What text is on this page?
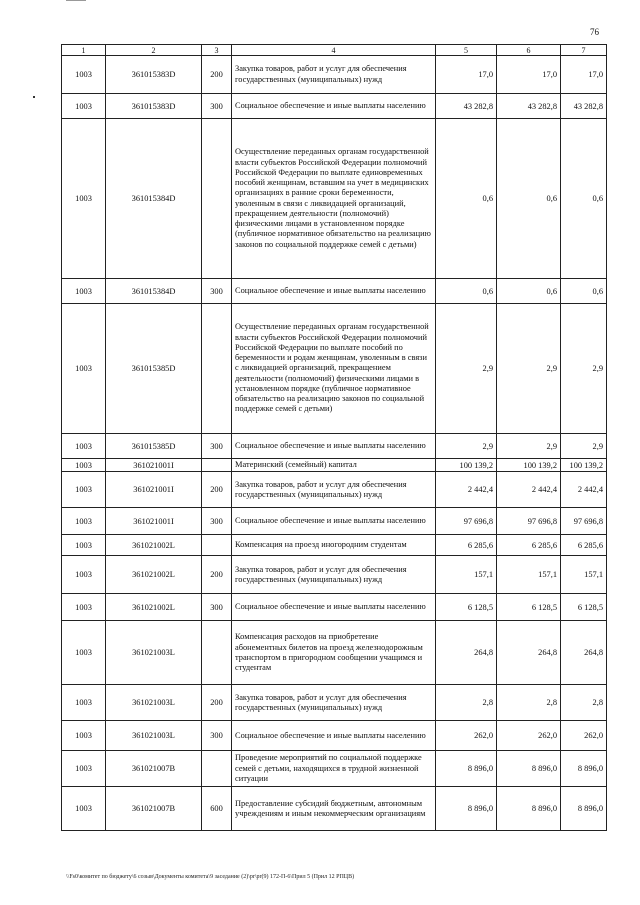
76
1	2	3	4	5	6	7
1003	361015383D	200	Закупка товаров, работ и услуг для обеспечения государственных (муниципальных) нужд	17,0	17,0	17,0
1003	361015383D	300	Социальное обеспечение и иные выплаты населению	43 282,8	43 282,8	43 282,8
1003	361015384D		Осуществление переданных органам государственной власти субъектов Российской Федерации полномочий Российской Федерации по выплате единовременных пособий женщинам, вставшим на учет в медицинских организациях в ранние сроки беременности, уволенным в связи с ликвидацией организаций, прекращением деятельности (полномочий) физическими лицами в установленном порядке (публичное нормативное обязательство на реализацию законов по социальной поддержке семей с детьми)	0,6	0,6	0,6
1003	361015384D	300	Социальное обеспечение и иные выплаты населению	0,6	0,6	0,6
1003	361015385D		Осуществление переданных органам государственной власти субъектов Российской Федерации полномочий Российской Федерации по выплате пособий по беременности и родам женщинам, уволенным в связи с ликвидацией организаций, прекращением деятельности (полномочий) физическими лицами в установленном порядке (публичное нормативное обязательство на реализацию законов по социальной поддержке семей с детьми)	2,9	2,9	2,9
1003	361015385D	300	Социальное обеспечение и иные выплаты населению	2,9	2,9	2,9
1003	361021001I		Материнский (семейный) капитал	100 139,2	100 139,2	100 139,2
1003	361021001I	200	Закупка товаров, работ и услуг для обеспечения государственных (муниципальных) нужд	2 442,4	2 442,4	2 442,4
1003	361021001I	300	Социальное обеспечение и иные выплаты населению	97 696,8	97 696,8	97 696,8
1003	361021002L		Компенсация на проезд иногородним студентам	6 285,6	6 285,6	6 285,6
1003	361021002L	200	Закупка товаров, работ и услуг для обеспечения государственных (муниципальных) нужд	157,1	157,1	157,1
1003	361021002L	300	Социальное обеспечение и иные выплаты населению	6 128,5	6 128,5	6 128,5
1003	361021003L		Компенсация расходов на приобретение абонементных билетов на проезд железнодорожным транспортом в пригородном сообщении учащимся и студентам	264,8	264,8	264,8
1003	361021003L	200	Закупка товаров, работ и услуг для обеспечения государственных (муниципальных) нужд	2,8	2,8	2,8
1003	361021003L	300	Социальное обеспечение и иные выплаты населению	262,0	262,0	262,0
1003	361021007B		Проведение мероприятий по социальной поддержке семей с детьми, находящихся в трудной жизненной ситуации	8 896,0	8 896,0	8 896,0
1003	361021007B	600	Предоставление субсидий бюджетным, автономным учреждениям и иным некоммерческим организациям	8 896,0	8 896,0	8 896,0
\\Fs0\комитет по бюджету\6 созыв\Документы комитета\9 заседание (2)\pr\pr(9) 172-П-6\Прил 5 (Прил 12 РПЦВ)
